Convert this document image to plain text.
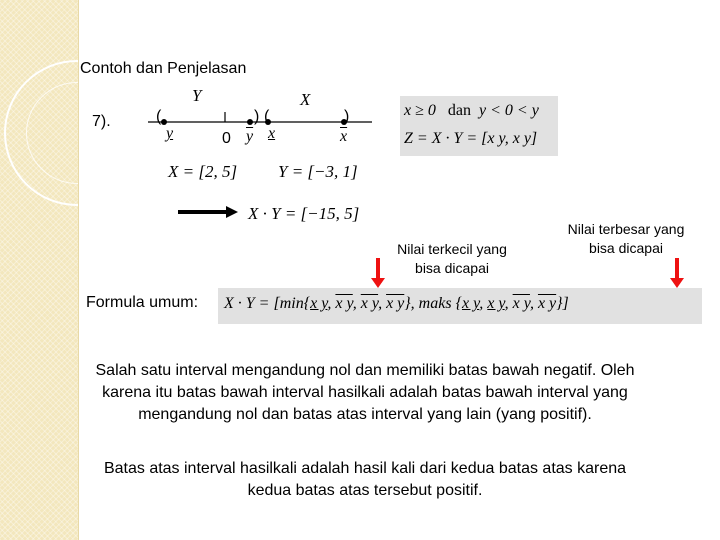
Contoh dan Penjelasan
7).
Y	X
(	) (	)
y	0 $\overline{y}$ x	$\overline{x}$
x ≥ 0 dan y < 0 < y
Z = X · Y = [x y, x y]
X = [2, 5] Y = [−3, 1]
X · Y = [−15, 5]
Nilai terkecil yang bisa dicapai
Nilai terbesar yang bisa dicapai
Formula umum: X · Y = [min{x y, x y, x y, x y}, maks {x y, x y, x y, x y}]
Salah satu interval mengandung nol dan memiliki batas bawah negatif. Oleh karena itu batas bawah interval hasilkali adalah batas bawah interval yang mengandung nol dan batas atas interval yang lain (yang positif).
Batas atas interval hasilkali adalah hasil kali dari kedua batas atas karena kedua batas atas tersebut positif.
